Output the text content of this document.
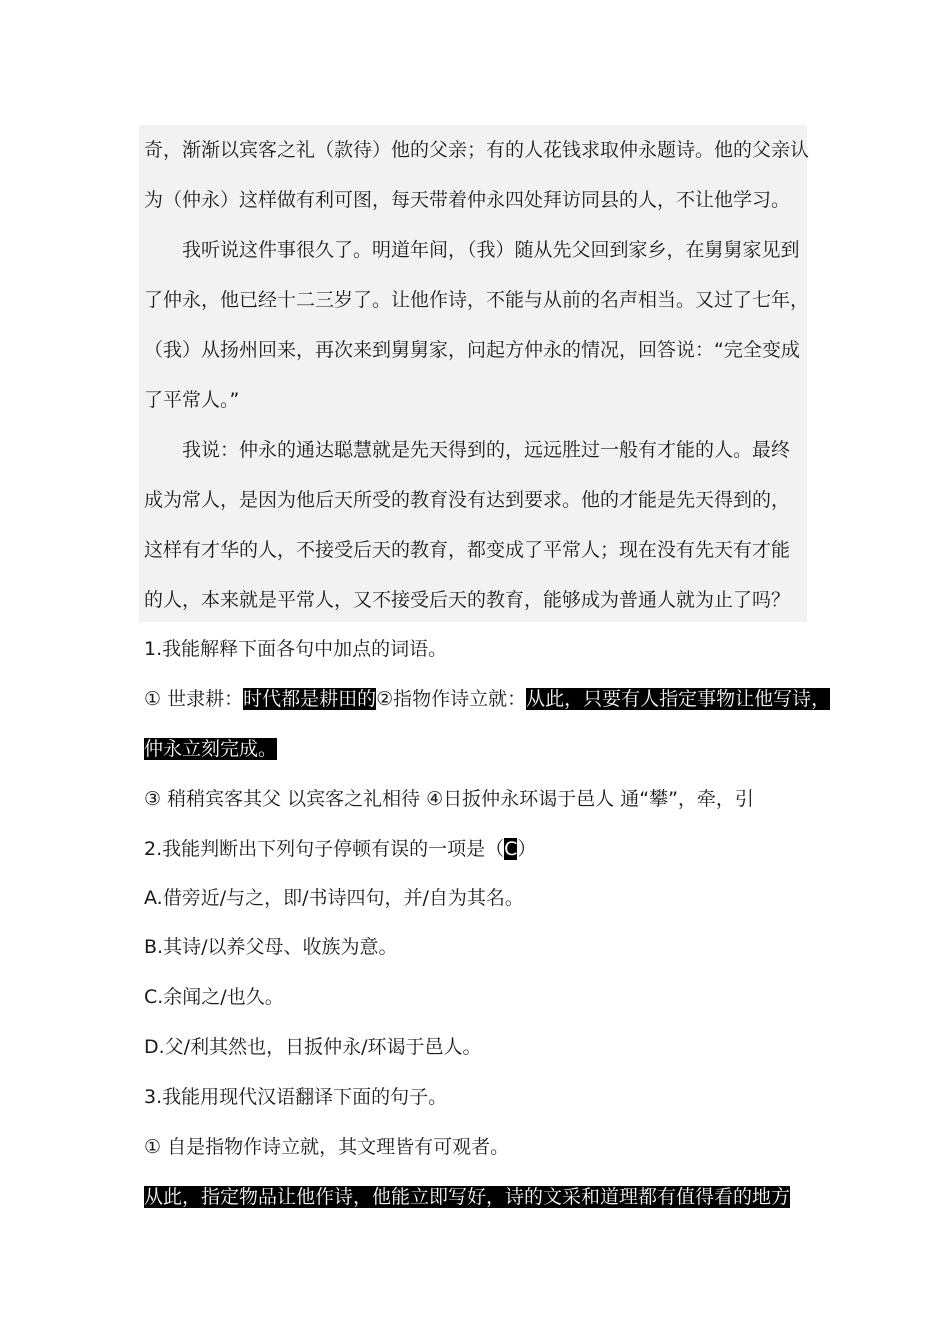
奇，渐渐以宾客之礼（款待）他的父亲；有的人花钱求取仲永题诗。他的父亲认
为（仲永）这样做有利可图，每天带着仲永四处拜访同县的人，不让他学习。
我听说这件事很久了。明道年间，（我）随从先父回到家乡，在舅舅家见到
了仲永，他已经十二三岁了。让他作诗，不能与从前的名声相当。又过了七年，
（我）从扬州回来，再次来到舅舅家，问起方仲永的情况，回答说：“完全变成
了平常人。”
我说：仲永的通达聪慧就是先天得到的，远远胜过一般有才能的人。最终
成为常人，是因为他后天所受的教育没有达到要求。他的才能是先天得到的，
这样有才华的人，不接受后天的教育，都变成了平常人；现在没有先天有才能
的人，本来就是平常人，又不接受后天的教育，能够成为普通人就为止了吗？
1.我能解释下面各句中加点的词语。
① 世隶耕：时代都是耕田的②指物作诗立就：从此，只要有人指定事物让他写诗，
仲永立刻完成。
③ 稍稍宾客其父 以宾客之礼相待 ④日扳仲永环谒于邑人 通“攀”，牵，引
2.我能判断出下列句子停顿有误的一项是（C）
A.借旁近/与之，即/书诗四句，并/自为其名。
B.其诗/以养父母、收族为意。
C.余闻之/也久。
D.父/利其然也，日扳仲永/环谒于邑人。
3.我能用现代汉语翻译下面的句子。
① 自是指物作诗立就，其文理皆有可观者。
从此，指定物品让他作诗，他能立即写好，诗的文采和道理都有值得看的地方
